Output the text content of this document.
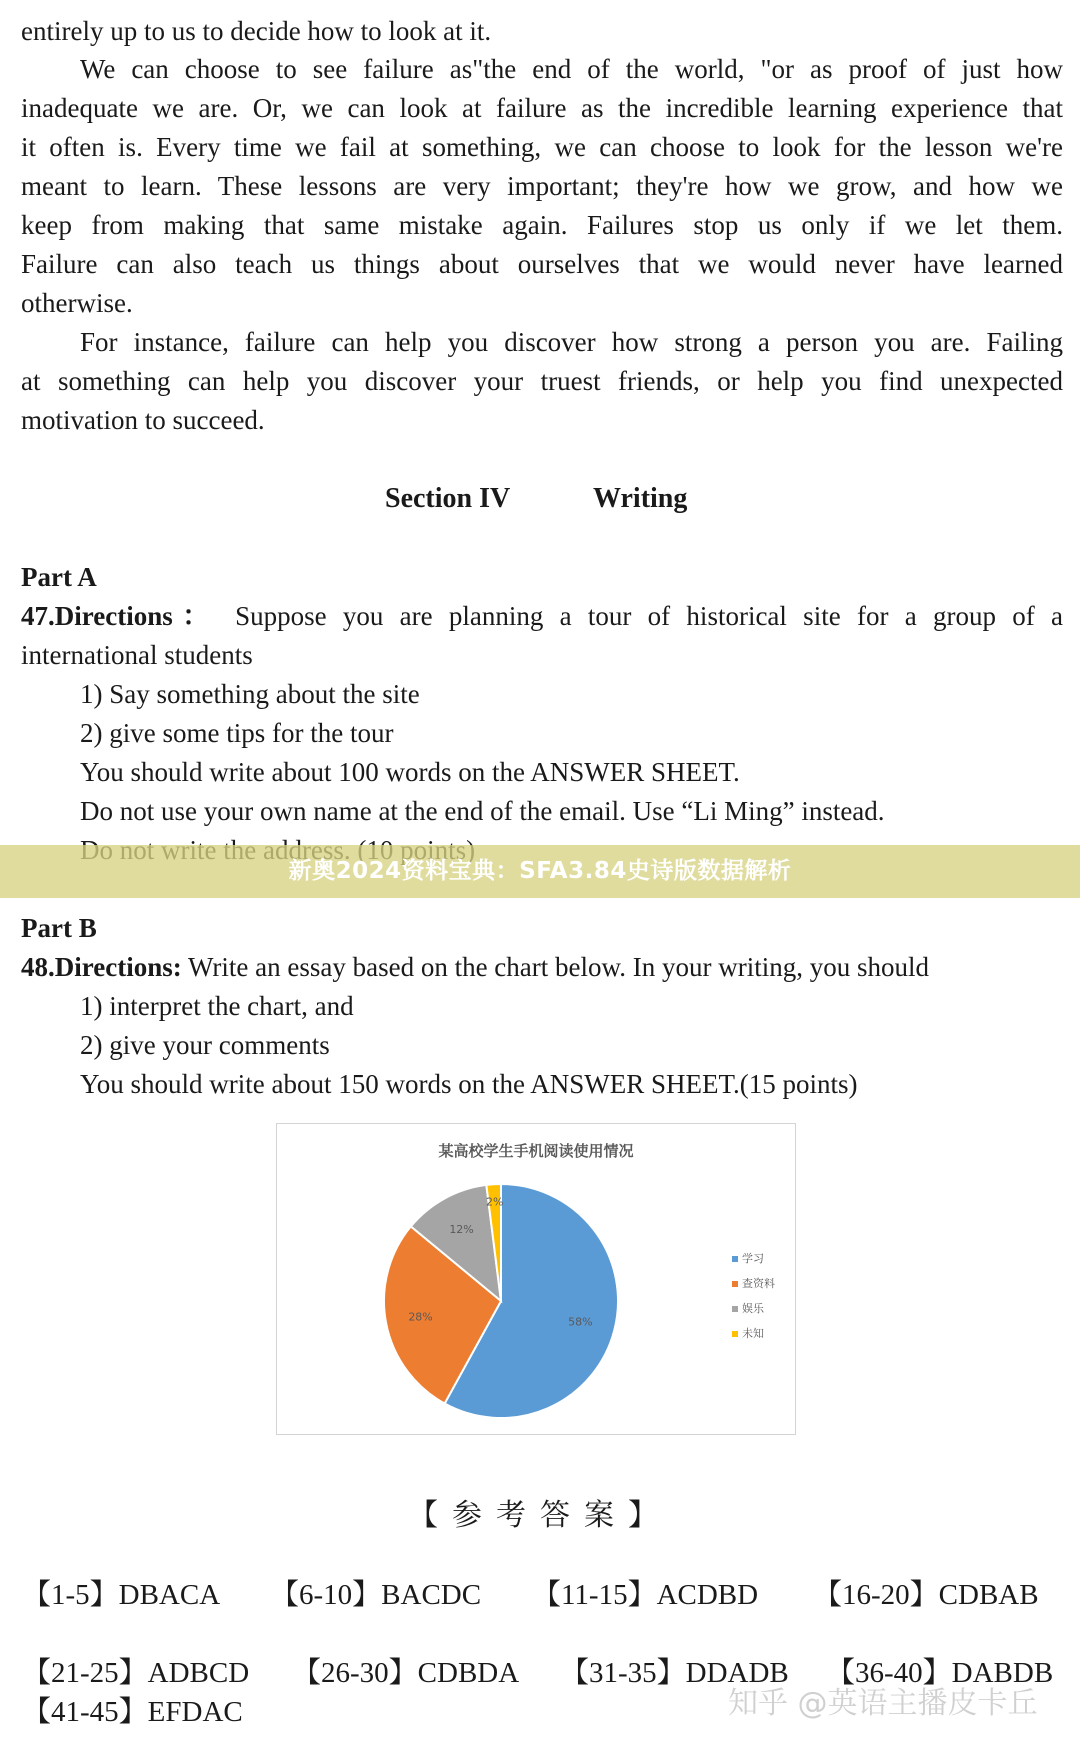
entirely up to us to decide how to look at it.
We can choose to see failure as"the end of the world, "or as proof of just how
inadequate we are. Or, we can look at failure as the incredible learning experience that
it often is. Every time we fail at something, we can choose to look for the lesson we're
meant to learn. These lessons are very important; they're how we grow, and how we
keep from making that same mistake again. Failures stop us only if we let them.
Failure can also teach us things about ourselves that we would never have learned
otherwise.
For instance, failure can help you discover how strong a person you are. Failing
at something can help you discover your truest friends, or help you find unexpected
motivation to succeed.
Section IV	Writing
Part A
47.Directions： Suppose you are planning a tour of historical site for a group of a
international students
1) Say something about the site
2) give some tips for the tour
You should write about 100 words on the ANSWER SHEET.
Do not use your own name at the end of the email. Use “Li Ming” instead.
新奥2024资料宝典：SFA3.84史诗版数据解析
Part B
48.Directions: Write an essay based on the chart below. In your writing, you should
1) interpret the chart, and
2) give your comments
You should write about 150 words on the ANSWER SHEET.(15 points)
某高校学生手机阅读使用情况
58%
28%
12%
2%
学习
查资料
娱乐
未知
【参考答案】
【1-5】DBACA 【6-10】BACDC 【11-15】ACDBD 【16-20】CDBAB
【21-25】ADBCD 【26-30】CDBDA 【31-35】DDADB 【36-40】DABDB
【41-45】EFDAC	知乎 @英语主播皮卡丘
